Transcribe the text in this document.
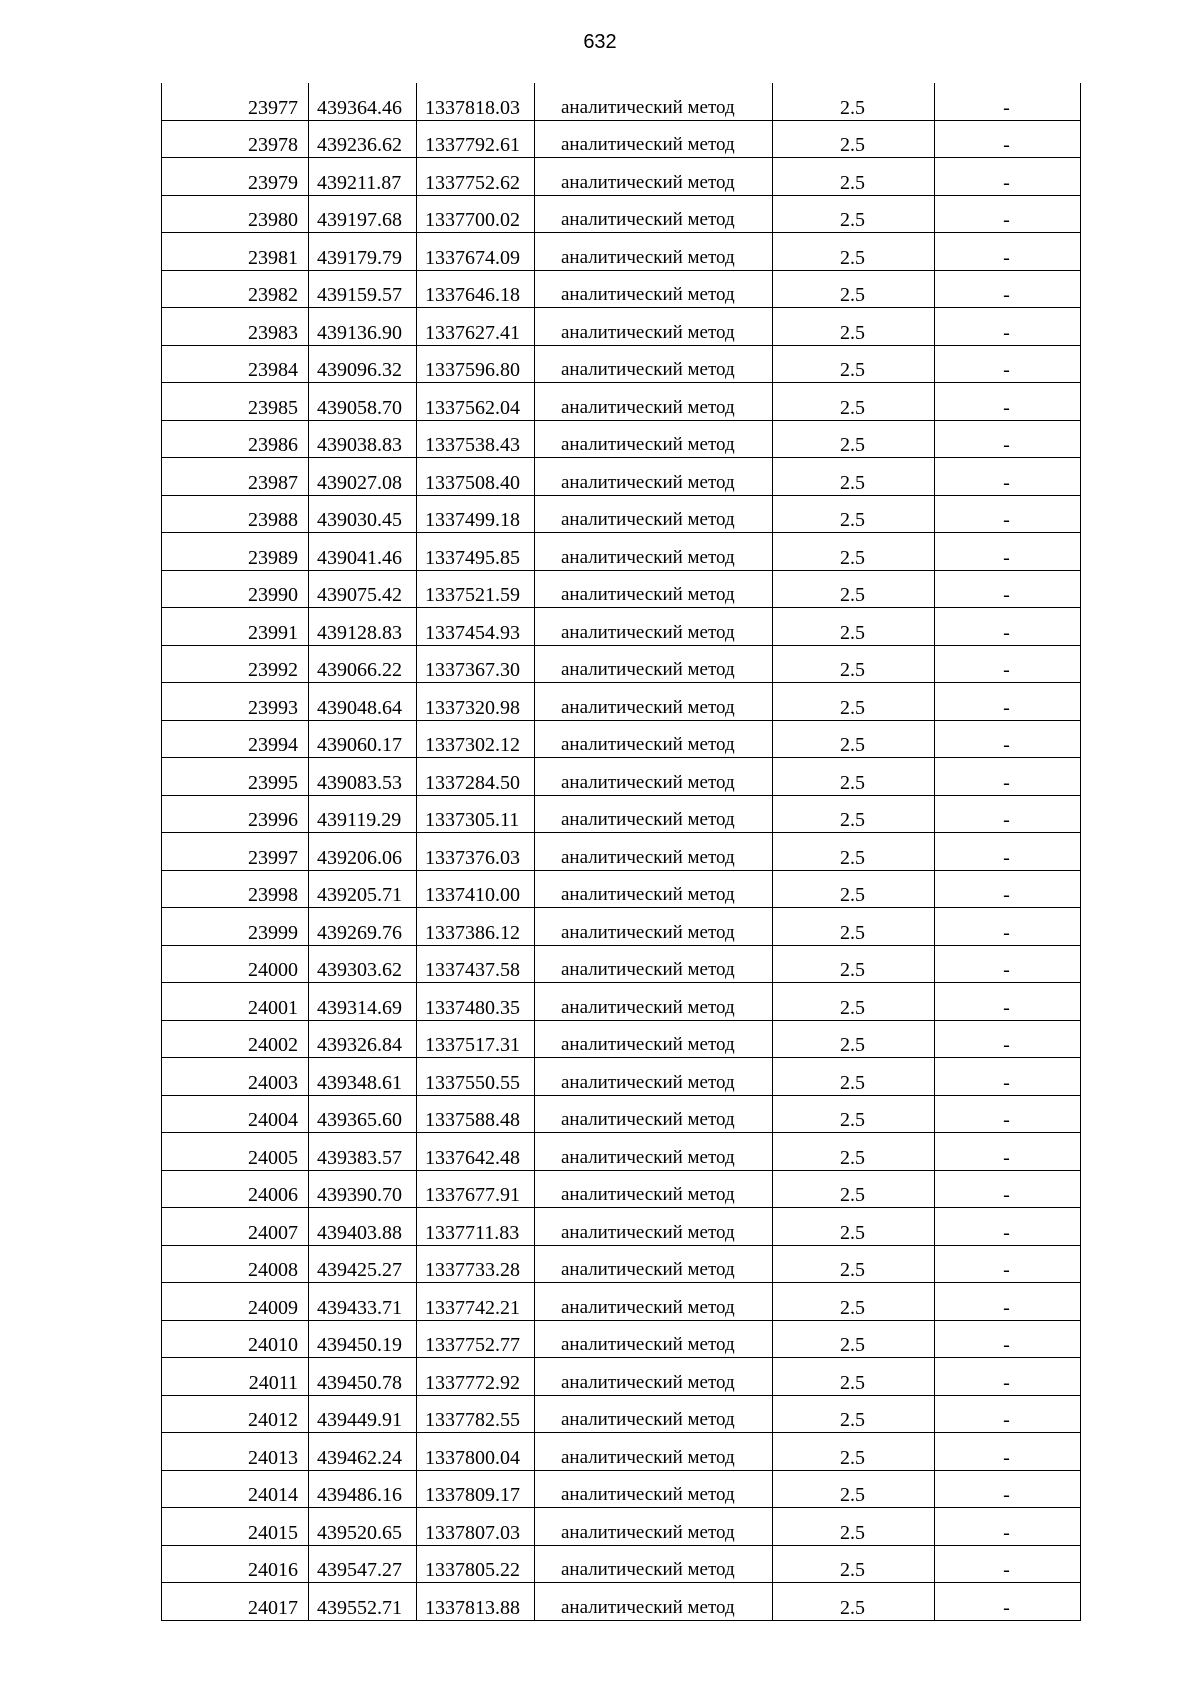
632
23977	439364.46	1337818.03	аналитический метод	2.5	-
23978	439236.62	1337792.61	аналитический метод	2.5	-
23979	439211.87	1337752.62	аналитический метод	2.5	-
23980	439197.68	1337700.02	аналитический метод	2.5	-
23981	439179.79	1337674.09	аналитический метод	2.5	-
23982	439159.57	1337646.18	аналитический метод	2.5	-
23983	439136.90	1337627.41	аналитический метод	2.5	-
23984	439096.32	1337596.80	аналитический метод	2.5	-
23985	439058.70	1337562.04	аналитический метод	2.5	-
23986	439038.83	1337538.43	аналитический метод	2.5	-
23987	439027.08	1337508.40	аналитический метод	2.5	-
23988	439030.45	1337499.18	аналитический метод	2.5	-
23989	439041.46	1337495.85	аналитический метод	2.5	-
23990	439075.42	1337521.59	аналитический метод	2.5	-
23991	439128.83	1337454.93	аналитический метод	2.5	-
23992	439066.22	1337367.30	аналитический метод	2.5	-
23993	439048.64	1337320.98	аналитический метод	2.5	-
23994	439060.17	1337302.12	аналитический метод	2.5	-
23995	439083.53	1337284.50	аналитический метод	2.5	-
23996	439119.29	1337305.11	аналитический метод	2.5	-
23997	439206.06	1337376.03	аналитический метод	2.5	-
23998	439205.71	1337410.00	аналитический метод	2.5	-
23999	439269.76	1337386.12	аналитический метод	2.5	-
24000	439303.62	1337437.58	аналитический метод	2.5	-
24001	439314.69	1337480.35	аналитический метод	2.5	-
24002	439326.84	1337517.31	аналитический метод	2.5	-
24003	439348.61	1337550.55	аналитический метод	2.5	-
24004	439365.60	1337588.48	аналитический метод	2.5	-
24005	439383.57	1337642.48	аналитический метод	2.5	-
24006	439390.70	1337677.91	аналитический метод	2.5	-
24007	439403.88	1337711.83	аналитический метод	2.5	-
24008	439425.27	1337733.28	аналитический метод	2.5	-
24009	439433.71	1337742.21	аналитический метод	2.5	-
24010	439450.19	1337752.77	аналитический метод	2.5	-
24011	439450.78	1337772.92	аналитический метод	2.5	-
24012	439449.91	1337782.55	аналитический метод	2.5	-
24013	439462.24	1337800.04	аналитический метод	2.5	-
24014	439486.16	1337809.17	аналитический метод	2.5	-
24015	439520.65	1337807.03	аналитический метод	2.5	-
24016	439547.27	1337805.22	аналитический метод	2.5	-
24017	439552.71	1337813.88	аналитический метод	2.5	-
